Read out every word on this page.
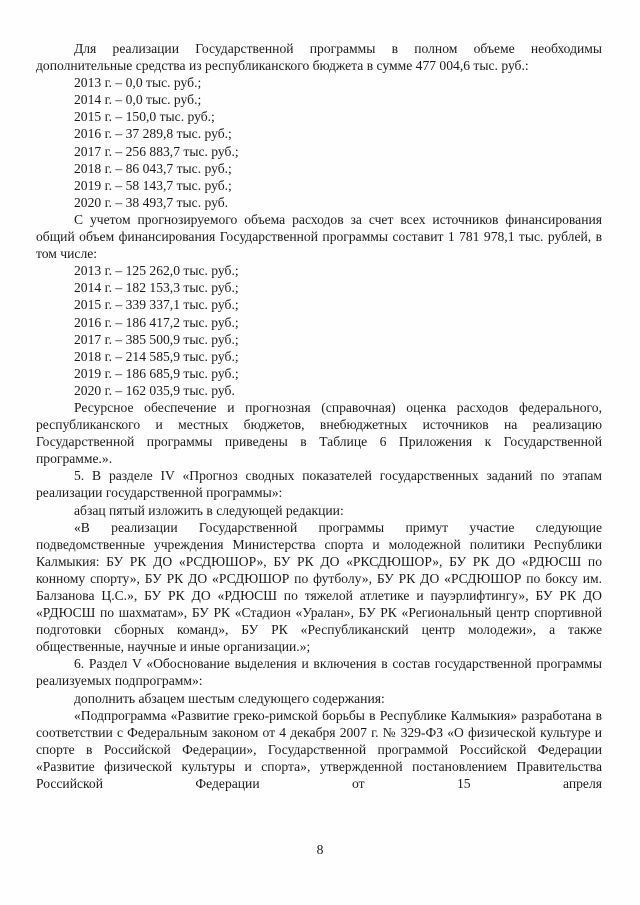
Для реализации Государственной программы в полном объеме необходимы дополнительные средства из республиканского бюджета в сумме 477 004,6 тыс. руб.:

2013 г. – 0,0 тыс. руб.;
2014 г. – 0,0 тыс. руб.;
2015 г. – 150,0 тыс. руб.;
2016 г. – 37 289,8 тыс. руб.;
2017 г. – 256 883,7 тыс. руб.;
2018 г. – 86 043,7 тыс. руб.;
2019 г. – 58 143,7 тыс. руб.;
2020 г. – 38 493,7 тыс. руб.

С учетом прогнозируемого объема расходов за счет всех источников финансирования общий объем финансирования Государственной программы составит 1 781 978,1 тыс. рублей, в том числе:

2013 г. – 125 262,0 тыс. руб.;
2014 г. – 182 153,3 тыс. руб.;
2015 г. – 339 337,1 тыс. руб.;
2016 г. – 186 417,2 тыс. руб.;
2017 г. – 385 500,9 тыс. руб.;
2018 г. – 214 585,9 тыс. руб.;
2019 г. – 186 685,9 тыс. руб.;
2020 г. – 162 035,9 тыс. руб.

Ресурсное обеспечение и прогнозная (справочная) оценка расходов федерального, республиканского и местных бюджетов, внебюджетных источников на реализацию Государственной программы приведены в Таблице 6 Приложения к Государственной программе.».

5. В разделе IV «Прогноз сводных показателей государственных заданий по этапам реализации государственной программы»:

абзац пятый изложить в следующей редакции:

«В реализации Государственной программы примут участие следующие подведомственные учреждения Министерства спорта и молодежной политики Республики Калмыкия: БУ РК ДО «РСДЮШОР», БУ РК ДО «РКСДЮШОР», БУ РК ДО «РДЮСШ по конному спорту», БУ РК ДО «РСДЮШОР по футболу», БУ РК ДО «РСДЮШОР по боксу им. Балзанова Ц.С.», БУ РК ДО «РДЮСШ по тяжелой атлетике и пауэрлифтингу», БУ РК ДО «РДЮСШ по шахматам», БУ РК «Стадион «Уралан», БУ РК «Региональный центр спортивной подготовки сборных команд», БУ РК «Республиканский центр молодежи», а также общественные, научные и иные организации.»;

6. Раздел V «Обоснование выделения и включения в состав государственной программы реализуемых подпрограмм»:

дополнить абзацем шестым следующего содержания:

«Подпрограмма «Развитие греко-римской борьбы в Республике Калмыкия» разработана в соответствии с Федеральным законом от 4 декабря 2007 г. № 329-ФЗ «О физической культуре и спорте в Российской Федерации», Государственной программой Российской Федерации «Развитие физической культуры и спорта», утвержденной постановлением Правительства Российской Федерации от 15 апреля

8
